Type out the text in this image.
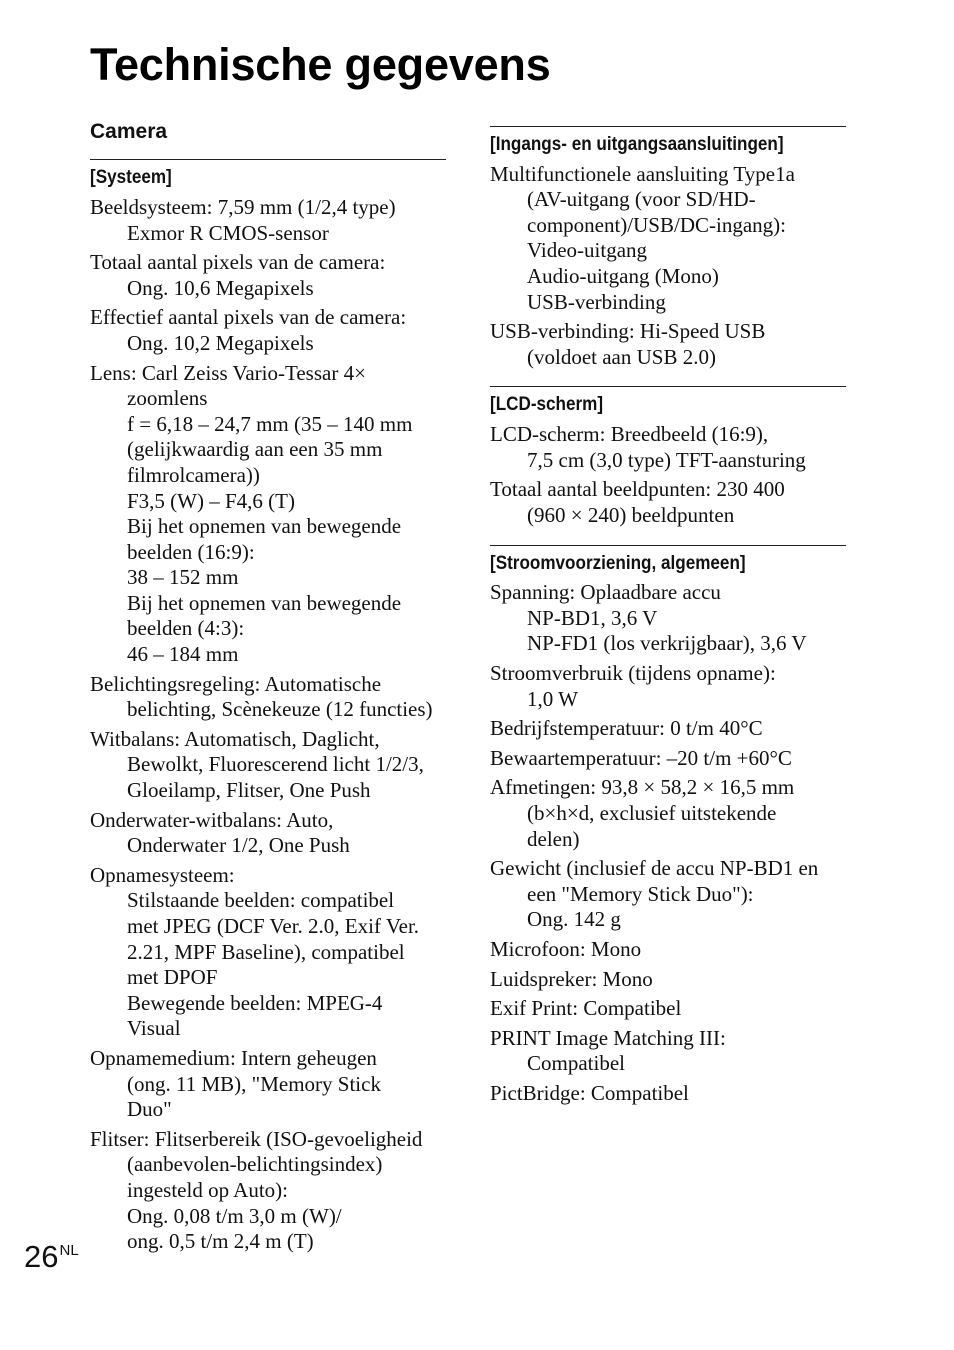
Technische gegevens
Camera
[Systeem]
Beeldsysteem: 7,59 mm (1/2,4 type)
Exmor R CMOS-sensor
Totaal aantal pixels van de camera:
Ong. 10,6 Megapixels
Effectief aantal pixels van de camera:
Ong. 10,2 Megapixels
Lens: Carl Zeiss Vario-Tessar 4×
zoomlens
f = 6,18 – 24,7 mm (35 – 140 mm
(gelijkwaardig aan een 35 mm
filmrolcamera))
F3,5 (W) – F4,6 (T)
Bij het opnemen van bewegende
beelden (16:9):
38 – 152 mm
Bij het opnemen van bewegende
beelden (4:3):
46 – 184 mm
Belichtingsregeling: Automatische
belichting, Scènekeuze (12 functies)
Witbalans: Automatisch, Daglicht,
Bewolkt, Fluorescerend licht 1/2/3,
Gloeilamp, Flitser, One Push
Onderwater-witbalans: Auto,
Onderwater 1/2, One Push
Opnamesysteem:
Stilstaande beelden: compatibel
met JPEG (DCF Ver. 2.0, Exif Ver.
2.21, MPF Baseline), compatibel
met DPOF
Bewegende beelden: MPEG-4
Visual
Opnamemedium: Intern geheugen
(ong. 11 MB), "Memory Stick
Duo"
Flitser: Flitserbereik (ISO-gevoeligheid
(aanbevolen-belichtingsindex)
ingesteld op Auto):
Ong. 0,08 t/m 3,0 m (W)/
ong. 0,5 t/m 2,4 m (T)
[Ingangs- en uitgangsaansluitingen]
Multifunctionele aansluiting Type1a
(AV-uitgang (voor SD/HD-
component)/USB/DC-ingang):
Video-uitgang
Audio-uitgang (Mono)
USB-verbinding
USB-verbinding: Hi-Speed USB
(voldoet aan USB 2.0)
[LCD-scherm]
LCD-scherm: Breedbeeld (16:9),
7,5 cm (3,0 type) TFT-aansturing
Totaal aantal beeldpunten: 230 400
(960 × 240) beeldpunten
[Stroomvoorziening, algemeen]
Spanning: Oplaadbare accu
NP-BD1, 3,6 V
NP-FD1 (los verkrijgbaar), 3,6 V
Stroomverbruik (tijdens opname):
1,0 W
Bedrijfstemperatuur: 0 t/m 40°C
Bewaartemperatuur: –20 t/m +60°C
Afmetingen: 93,8 × 58,2 × 16,5 mm
(b×h×d, exclusief uitstekende
delen)
Gewicht (inclusief de accu NP-BD1 en
een "Memory Stick Duo"):
Ong. 142 g
Microfoon: Mono
Luidspreker: Mono
Exif Print: Compatibel
PRINT Image Matching III:
Compatibel
PictBridge: Compatibel
$26^{NL}$
